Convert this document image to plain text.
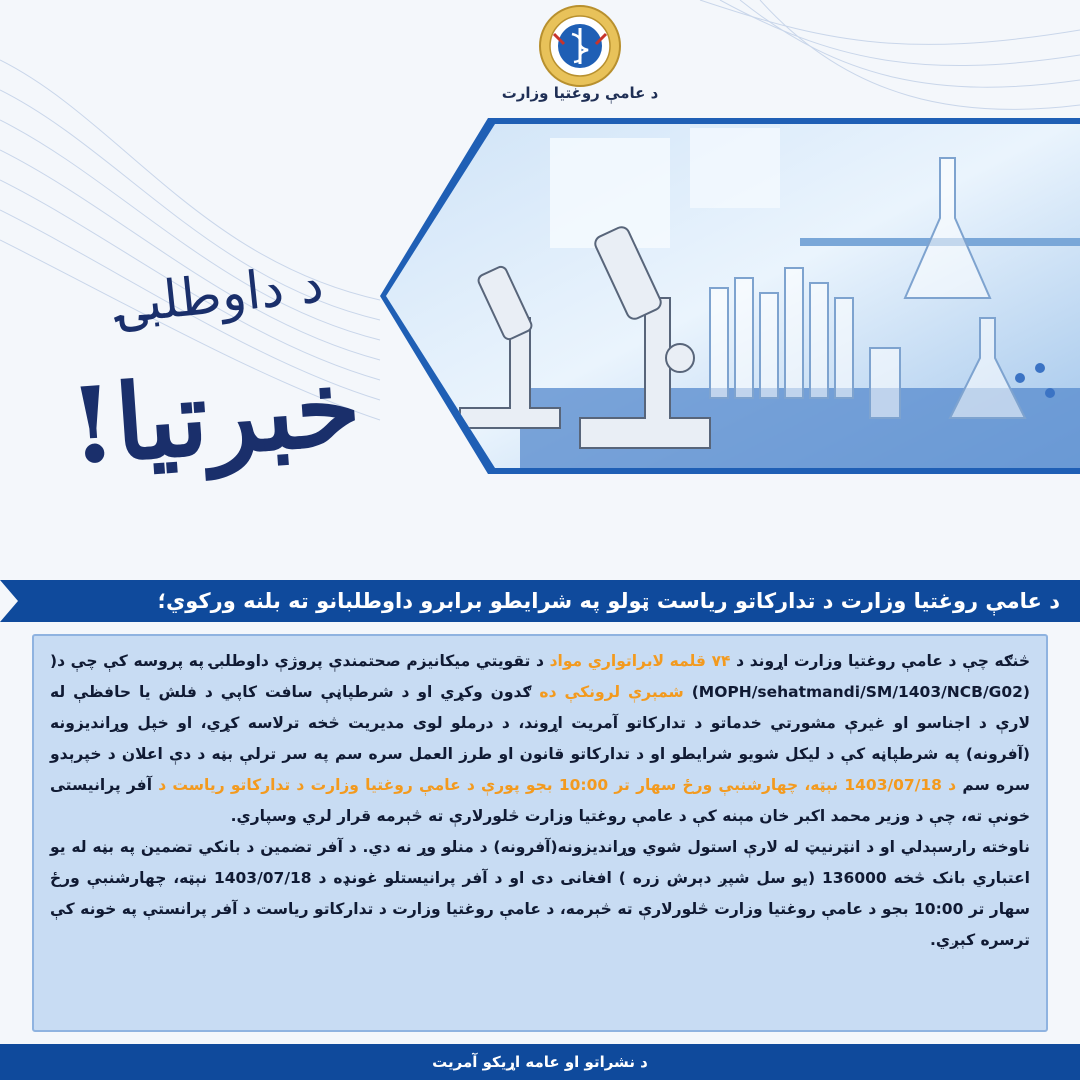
د عامې روغتيا وزارت
د داوطلبۍ
خبرتیا!
د عامې روغتيا وزارت د تدارکاتو رياست ټولو په شرايطو برابرو داوطلبانو ته بلنه ورکوي؛
څنګه چې د عامې روغتيا وزارت اړوند د ۷۴ قلمه لابراتواري مواد د تقويتي ميکانيزم صحتمندې پروژې داوطلبۍ په پروسه کې چې د( (MOPH/sehatmandi/SM/1403/NCB/G02) شمېرې لرونکې ده ګدون وکړي او د شرطپاڼې سافت کاپي د فلش يا حافظې له لارې د اجناسو او غيرې مشورتي خدماتو د تدارکاتو آمريت اړوند، د درملو لوی مديريت څخه ترلاسه کړي، او خپل وړانديزونه (آفرونه) په شرطپاڼه کې د ليکل شويو شرايطو او د تدارکاتو قانون او طرز العمل سره سم په سر ترلې بڼه د دې اعلان د خپرېدو سره سم د 1403/07/18 نېټه، چهارشنبې ورځ سهار تر 10:00 بجو پورې د عامې روغتيا وزارت د تدارکاتو رياست د آفر پرانيستی خونې ته، چې د وزير محمد اکبر خان مېنه کې د عامې روغتيا وزارت څلورلارې ته څېرمه قرار لري وسپاري.

ناوخته رارسېدلي او د انټرنيټ له لارې استول شوي وړانديزونه(آفرونه) د منلو وړ نه دي. د آفر تضمين د بانکي تضمين په بڼه له يو اعتباري بانک څخه 136000 (يو سل شپږ دېرش زره ) افغانی دی او د آفر پرانيستلو غونډه د 1403/07/18 نېټه، چهارشنبې ورځ سهار تر 10:00 بجو د عامې روغتيا وزارت څلورلارې ته څېرمه، د عامې روغتيا وزارت د تدارکاتو رياست د آفر پرانستې په خونه کې ترسره کېږي.

د نشراتو او عامه اړيکو آمريت
